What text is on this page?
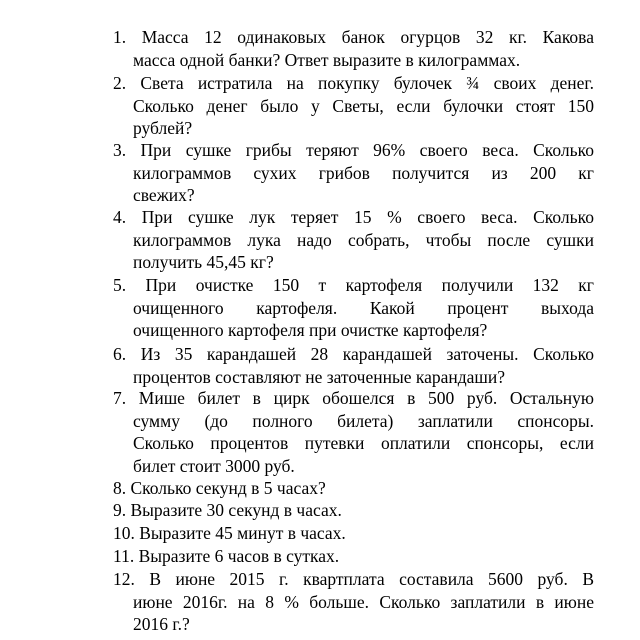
1. Масса 12 одинаковых банок огурцов 32 кг. Какова
масса одной банки? Ответ выразите в килограммах.
2. Света истратила на покупку булочек ¾ своих денег.
Сколько денег было у Светы, если булочки стоят 150
рублей?
3. При сушке грибы теряют 96% своего веса. Сколько
килограммов сухих грибов получится из 200 кг
свежих?
4. При сушке лук теряет 15 % своего веса. Сколько
килограммов лука надо собрать, чтобы после сушки
получить 45,45 кг?
5. При очистке 150 т картофеля получили 132 кг
очищенного картофеля. Какой процент выхода
очищенного картофеля при очистке картофеля?
6. Из 35 карандашей 28 карандашей заточены. Сколько
процентов составляют не заточенные карандаши?
7. Мише билет в цирк обошелся в 500 руб. Остальную
сумму (до полного билета) заплатили спонсоры.
Сколько процентов путевки оплатили спонсоры, если
билет стоит 3000 руб.
8. Сколько секунд в 5 часах?
9. Выразите 30 секунд в часах.
10. Выразите 45 минут в часах.
11. Выразите 6 часов в сутках.
12. В июне 2015 г. квартплата составила 5600 руб. В
июне 2016г. на 8 % больше. Сколько заплатили в июне
2016 г.?
